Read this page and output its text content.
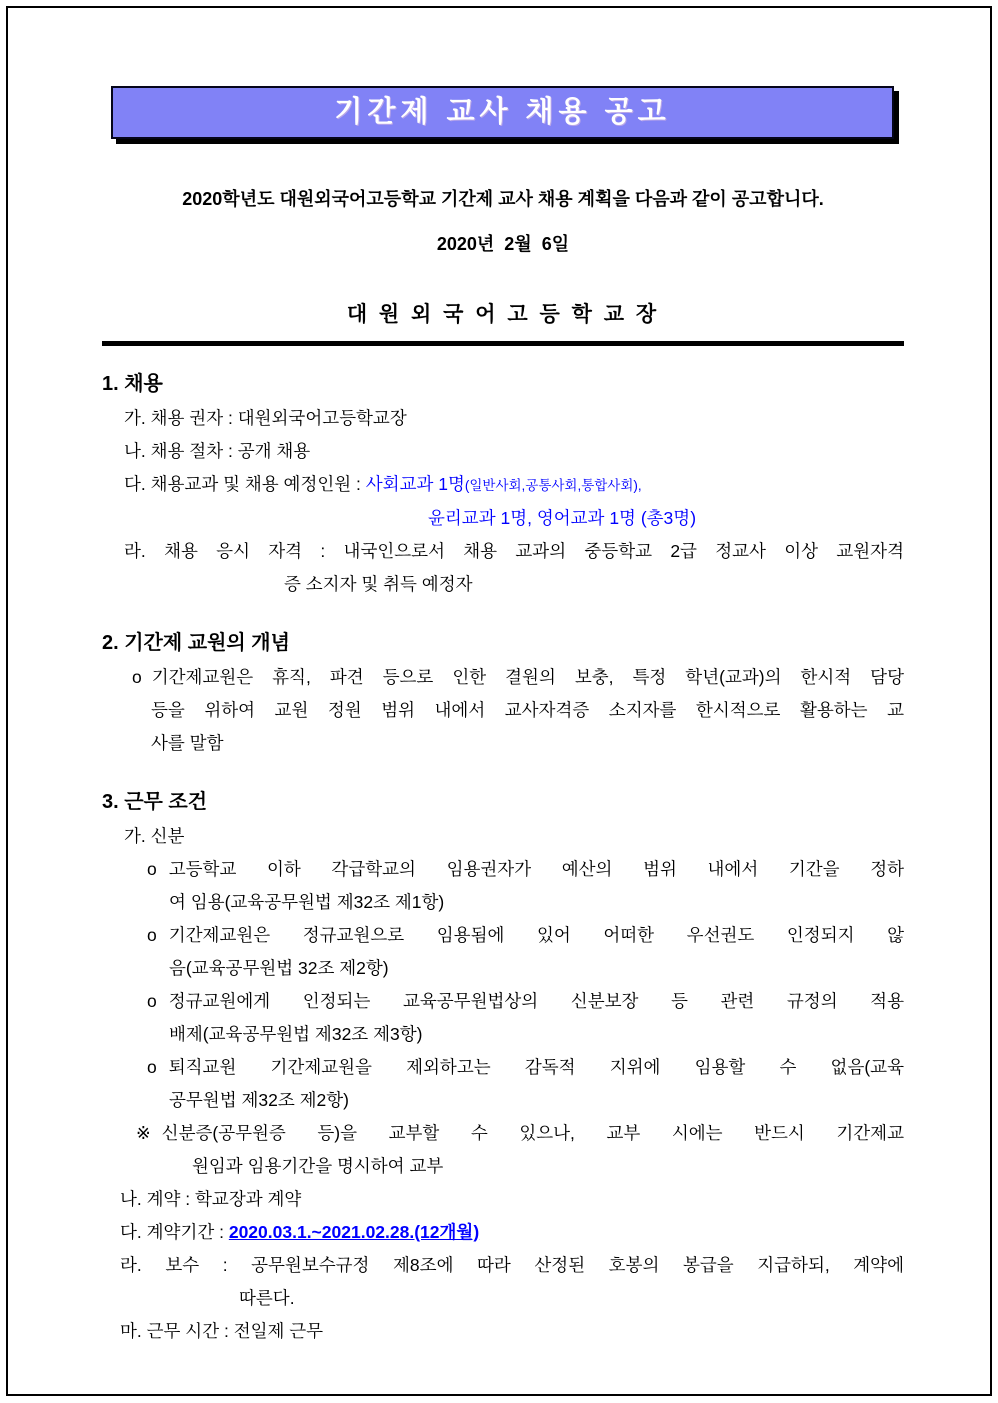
기간제 교사 채용 공고

2020학년도 대원외국어고등학교 기간제 교사 채용 계획을 다음과 같이 공고합니다.

2020년  2월  6일

대 원 외 국 어 고 등 학 교 장

1. 채용
가. 채용 권자 : 대원외국어고등학교장
나. 채용 절차 : 공개 채용
다. 채용교과 및 채용 예정인원 : 사회교과 1명(일반사회,공통사회,통합사회),
윤리교과 1명, 영어교과 1명 (총3명)
라. 채용 응시 자격 : 내국인으로서 채용 교과의 중등학교 2급 정교사 이상 교원자격
증 소지자 및 취득 예정자
2. 기간제 교원의 개념
o 기간제교원은 휴직, 파견 등으로 인한 결원의 보충, 특정 학년(교과)의 한시적 담당
등을 위하여 교원 정원 범위 내에서 교사자격증 소지자를 한시적으로 활용하는 교
사를 말함
3. 근무 조건
가. 신분
o 고등학교 이하 각급학교의 임용권자가 예산의 범위 내에서 기간을 정하
여 임용(교육공무원법 제32조 제1항)
o 기간제교원은 정규교원으로 임용됨에 있어 어떠한 우선권도 인정되지 않
음(교육공무원법 32조 제2항)
o 정규교원에게 인정되는 교육공무원법상의 신분보장 등 관련 규정의 적용
배제(교육공무원법 제32조 제3항)
o 퇴직교원 기간제교원을 제외하고는 감독적 지위에 임용할 수 없음(교육
공무원법 제32조 제2항)
※ 신분증(공무원증 등)을 교부할 수 있으나, 교부 시에는 반드시 기간제교
원임과 임용기간을 명시하여 교부
나. 계약 : 학교장과 계약
다. 계약기간 : 2020.03.1.~2021.02.28.(12개월)
라. 보수 : 공무원보수규정 제8조에 따라 산정된 호봉의 봉급을 지급하되, 계약에
따른다.
마. 근무 시간 : 전일제 근무
